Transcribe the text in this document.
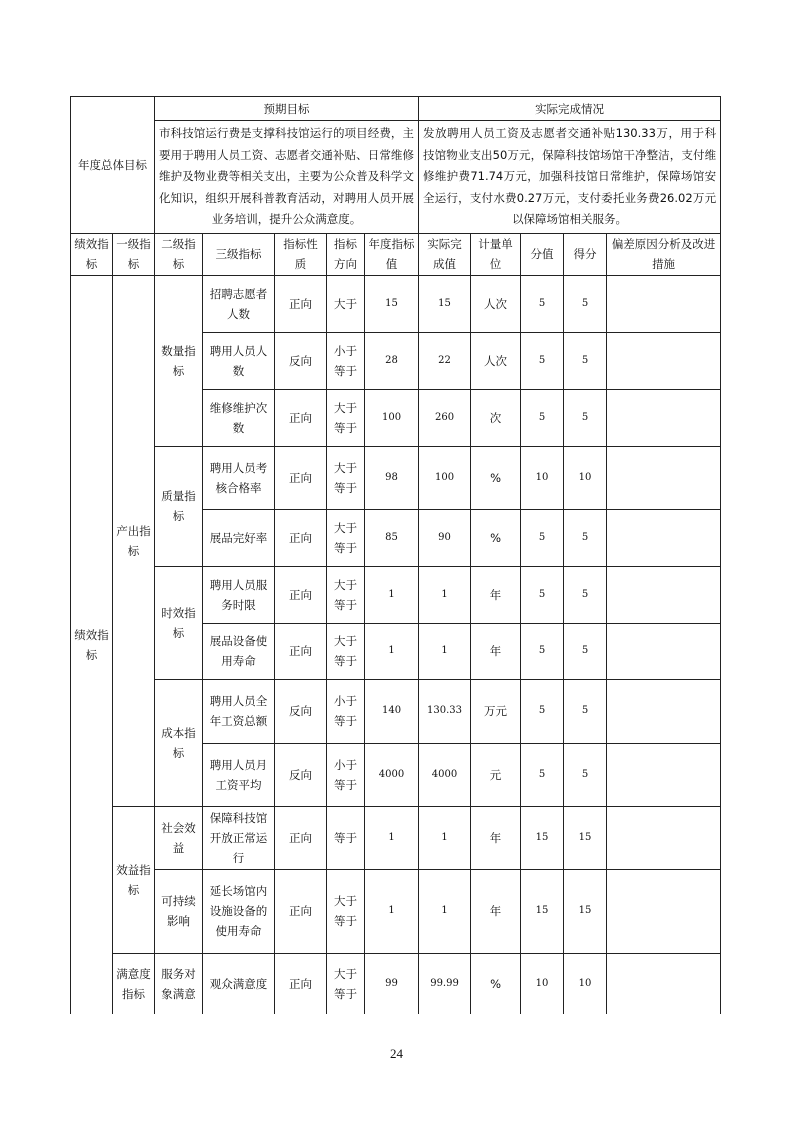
年度总体目标		预期目标					实际完成情况				
		市科技馆运行费是支撑科技馆运行的项目经费，主要用于聘用人员工资、志愿者交通补贴、日常维修维护及物业费等相关支出，主要为公众普及科学文化知识，组织开展科普教育活动，对聘用人员开展业务培训，提升公众满意度。					发放聘用人员工资及志愿者交通补贴130.33万，用于科技馆物业支出50万元，保障科技馆场馆干净整洁，支付维修维护费71.74万元，加强科技馆日常维护，保障场馆安全运行，支付水费0.27万元，支付委托业务费26.02万元以保障场馆相关服务。				
绩效指标	一级指标	二级指标	三级指标	指标性质	指标方向	年度指标值	实际完成值	计量单位	分值	得分	偏差原因分析及改进措施
绩效指标	产出指标	数量指标	招聘志愿者人数	正向	大于	15	15	人次	5	5	
			聘用人员人数	反向	小于等于	28	22	人次	5	5	
			维修维护次数	正向	大于等于	100	260	次	5	5	
		质量指标	聘用人员考核合格率	正向	大于等于	98	100	%	10	10	
			展品完好率	正向	大于等于	85	90	%	5	5	
		时效指标	聘用人员服务时限	正向	大于等于	1	1	年	5	5	
			展品设备使用寿命	正向	大于等于	1	1	年	5	5	
		成本指标	聘用人员全年工资总额	反向	小于等于	140	130.33	万元	5	5	
			聘用人员月工资平均	反向	小于等于	4000	4000	元	5	5	
	效益指标	社会效益	保障科技馆开放正常运行	正向	等于	1	1	年	15	15	
		可持续影响	延长场馆内设施设备的使用寿命	正向	大于等于	1	1	年	15	15	
	满意度指标	服务对象满意	观众满意度	正向	大于等于	99	99.99	%	10	10	
24
